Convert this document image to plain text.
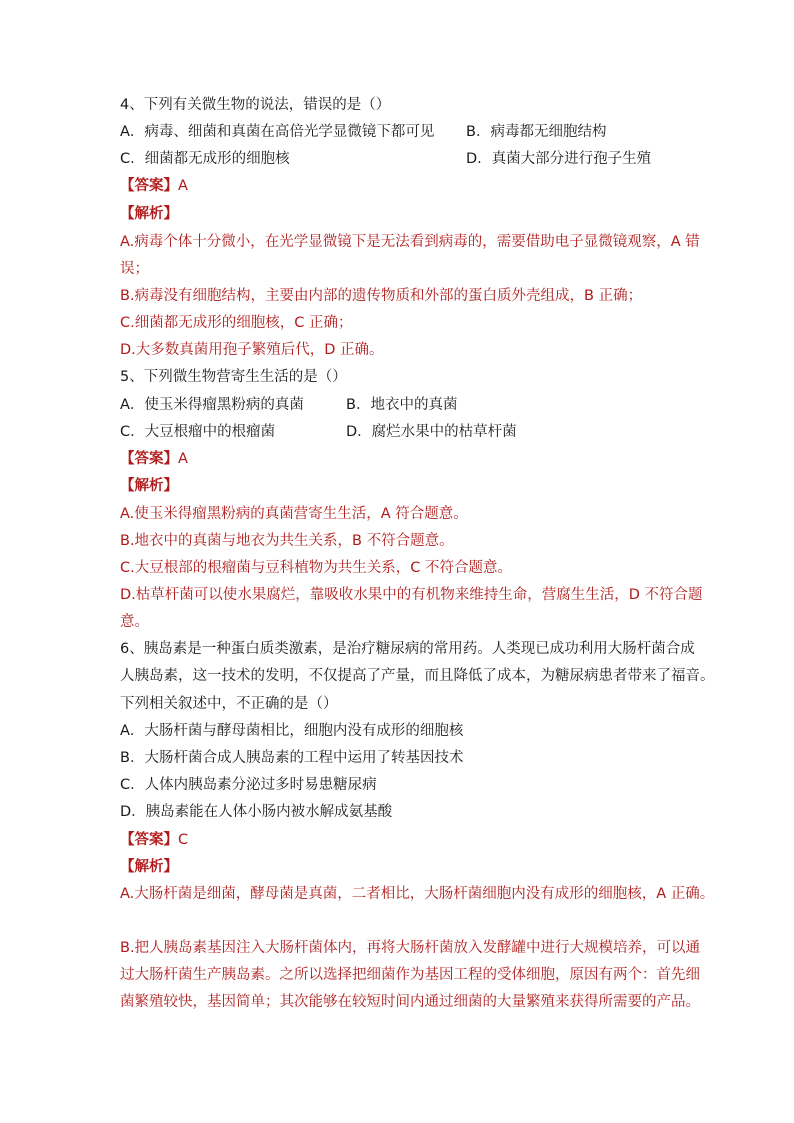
4、下列有关微生物的说法，错误的是（）
A．病毒、细菌和真菌在高倍光学显微镜下都可见 B．病毒都无细胞结构
C．细菌都无成形的细胞核	D．真菌大部分进行孢子生殖
【答案】A
【解析】
A.病毒个体十分微小，在光学显微镜下是无法看到病毒的，需要借助电子显微镜观察，A 错
误；
B.病毒没有细胞结构，主要由内部的遗传物质和外部的蛋白质外壳组成，B 正确；
C.细菌都无成形的细胞核，C 正确；
D.大多数真菌用孢子繁殖后代，D 正确。
5、下列微生物营寄生生活的是（）
A．使玉米得瘤黑粉病的真菌	B．地衣中的真菌
C．大豆根瘤中的根瘤菌	D．腐烂水果中的枯草杆菌
【答案】A
【解析】
A.使玉米得瘤黑粉病的真菌营寄生生活，A 符合题意。
B.地衣中的真菌与地衣为共生关系，B 不符合题意。
C.大豆根部的根瘤菌与豆科植物为共生关系，C 不符合题意。
D.枯草杆菌可以使水果腐烂，靠吸收水果中的有机物来维持生命，营腐生生活，D 不符合题
意。
6、胰岛素是一种蛋白质类激素，是治疗糖尿病的常用药。人类现已成功利用大肠杆菌合成
人胰岛素，这一技术的发明，不仅提高了产量，而且降低了成本，为糖尿病患者带来了福音。
下列相关叙述中，不正确的是（）
A．大肠杆菌与酵母菌相比，细胞内没有成形的细胞核
B．大肠杆菌合成人胰岛素的工程中运用了转基因技术
C．人体内胰岛素分泌过多时易患糖尿病
D．胰岛素能在人体小肠内被水解成氨基酸
【答案】C
【解析】
A.大肠杆菌是细菌，酵母菌是真菌，二者相比，大肠杆菌细胞内没有成形的细胞核，A 正确。
B.把人胰岛素基因注入大肠杆菌体内，再将大肠杆菌放入发酵罐中进行大规模培养，可以通
过大肠杆菌生产胰岛素。之所以选择把细菌作为基因工程的受体细胞，原因有两个：首先细
菌繁殖较快，基因简单；其次能够在较短时间内通过细菌的大量繁殖来获得所需要的产品。
